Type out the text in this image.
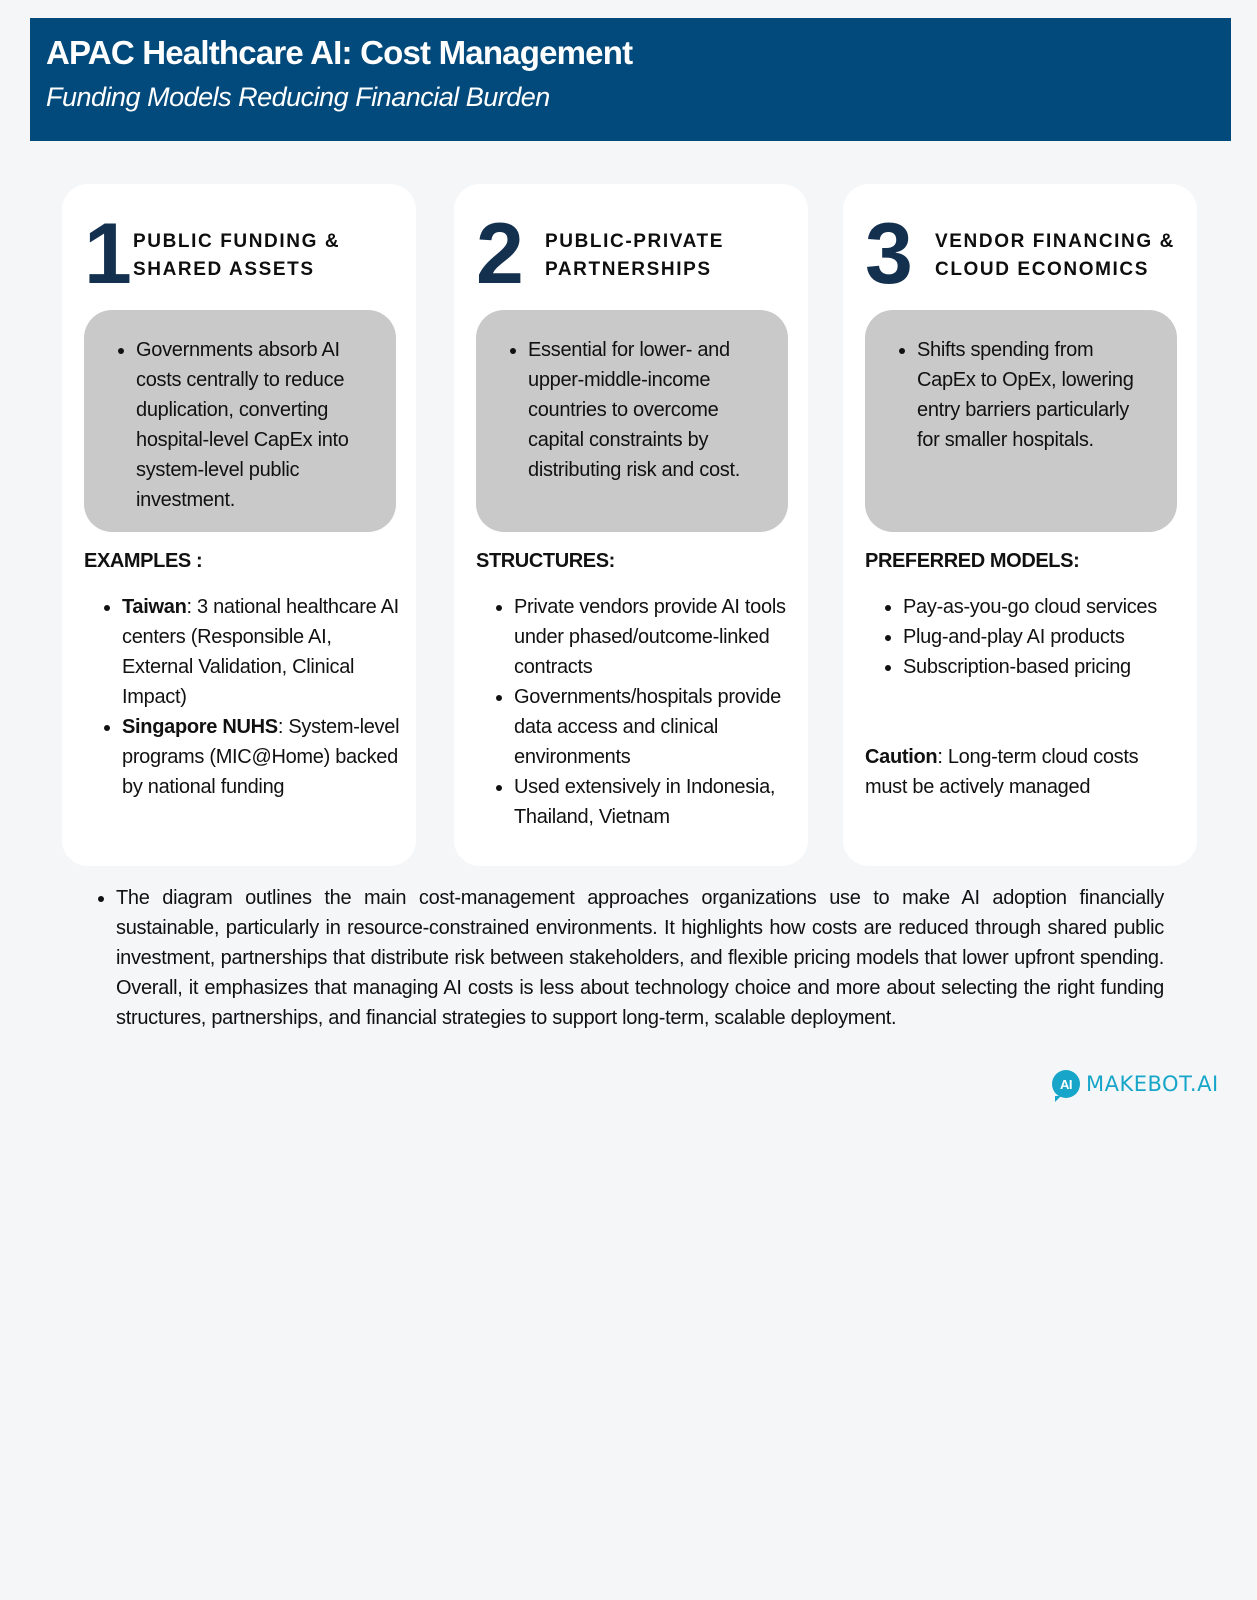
APAC Healthcare AI: Cost Management

Funding Models Reducing Financial Burden

1 PUBLIC FUNDING &
SHARED ASSETS
• Governments absorb AI costs centrally to reduce duplication, converting hospital-level CapEx into system-level public investment.
EXAMPLES :
• Taiwan: 3 national healthcare AI centers (Responsible AI, External Validation, Clinical Impact)
• Singapore NUHS: System-level programs (MIC@Home) backed by national funding
2 PUBLIC-PRIVATE
PARTNERSHIPS
• Essential for lower- and upper-middle-income countries to overcome capital constraints by distributing risk and cost.
STRUCTURES:
• Private vendors provide AI tools under phased/outcome-linked contracts
• Governments/hospitals provide data access and clinical environments
• Used extensively in Indonesia, Thailand, Vietnam
3 VENDOR FINANCING &
CLOUD ECONOMICS
• Shifts spending from CapEx to OpEx, lowering entry barriers particularly for smaller hospitals.
PREFERRED MODELS:
• Pay-as-you-go cloud services
• Plug-and-play AI products
• Subscription-based pricing

Caution: Long-term cloud costs must be actively managed

• The diagram outlines the main cost-management approaches organizations use to make AI adoption financially sustainable, particularly in resource-constrained environments. It highlights how costs are reduced through shared public investment, partnerships that distribute risk between stakeholders, and flexible pricing models that lower upfront spending. Overall, it emphasizes that managing AI costs is less about technology choice and more about selecting the right funding structures, partnerships, and financial strategies to support long-term, scalable deployment.
AI MAKEBOT.AI
